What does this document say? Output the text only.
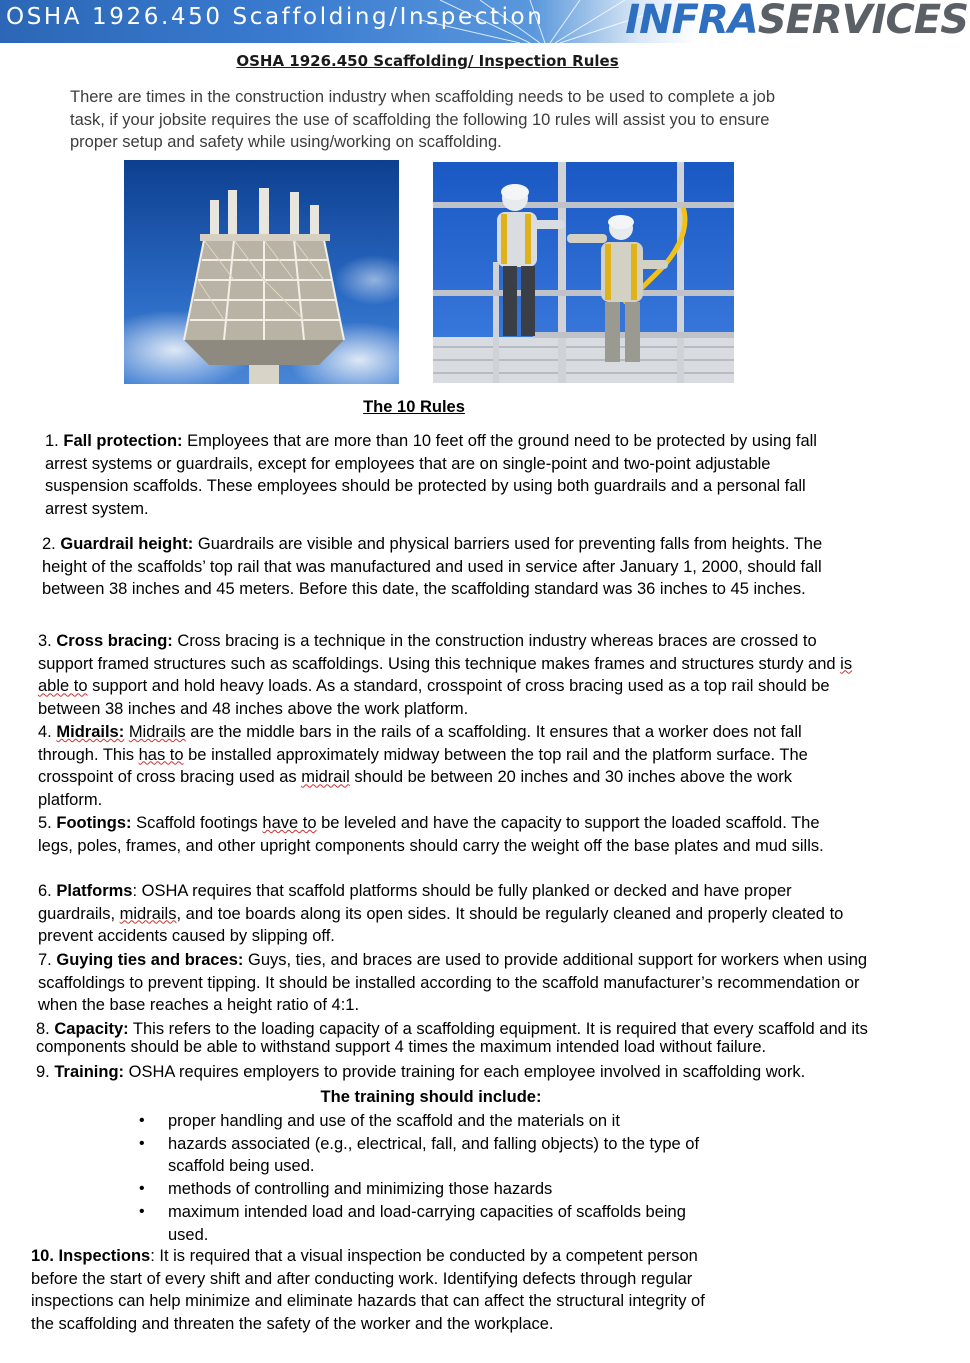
OSHA 1926.450 Scaffolding/Inspection INFRASERVICES
OSHA 1926.450 Scaffolding/ Inspection Rules
There are times in the construction industry when scaffolding needs to be used to complete a job task, if your jobsite requires the use of scaffolding the following 10 rules will assist you to ensure proper setup and safety while using/working on scaffolding.
The 10 Rules
1. Fall protection: Employees that are more than 10 feet off the ground need to be protected by using fall arrest systems or guardrails, except for employees that are on single-point and two-point adjustable suspension scaffolds. These employees should be protected by using both guardrails and a personal fall arrest system.
2. Guardrail height: Guardrails are visible and physical barriers used for preventing falls from heights. The height of the scaffolds’ top rail that was manufactured and used in service after January 1, 2000, should fall between 38 inches and 45 meters. Before this date, the scaffolding standard was 36 inches to 45 inches.
3. Cross bracing: Cross bracing is a technique in the construction industry whereas braces are crossed to support framed structures such as scaffoldings. Using this technique makes frames and structures sturdy and is able to support and hold heavy loads. As a standard, crosspoint of cross bracing used as a top rail should be between 38 inches and 48 inches above the work platform.
4. Midrails: Midrails are the middle bars in the rails of a scaffolding. It ensures that a worker does not fall through. This has to be installed approximately midway between the top rail and the platform surface. The crosspoint of cross bracing used as midrail should be between 20 inches and 30 inches above the work platform.
5. Footings: Scaffold footings have to be leveled and have the capacity to support the loaded scaffold. The legs, poles, frames, and other upright components should carry the weight off the base plates and mud sills.
6. Platforms: OSHA requires that scaffold platforms should be fully planked or decked and have proper guardrails, midrails, and toe boards along its open sides. It should be regularly cleaned and properly cleated to prevent accidents caused by slipping off.
7. Guying ties and braces: Guys, ties, and braces are used to provide additional support for workers when using scaffoldings to prevent tipping. It should be installed according to the scaffold manufacturer’s recommendation or when the base reaches a height ratio of 4:1.
8. Capacity: This refers to the loading capacity of a scaffolding equipment. It is required that every scaffold and its components should be able to withstand support 4 times the maximum intended load without failure.
9. Training: OSHA requires employers to provide training for each employee involved in scaffolding work.
The training should include:
• proper handling and use of the scaffold and the materials on it
• hazards associated (e.g., electrical, fall, and falling objects) to the type of scaffold being used.
• methods of controlling and minimizing those hazards
• maximum intended load and load-carrying capacities of scaffolds being used.
10. Inspections: It is required that a visual inspection be conducted by a competent person before the start of every shift and after conducting work. Identifying defects through regular inspections can help minimize and eliminate hazards that can affect the structural integrity of the scaffolding and threaten the safety of the worker and the workplace.
